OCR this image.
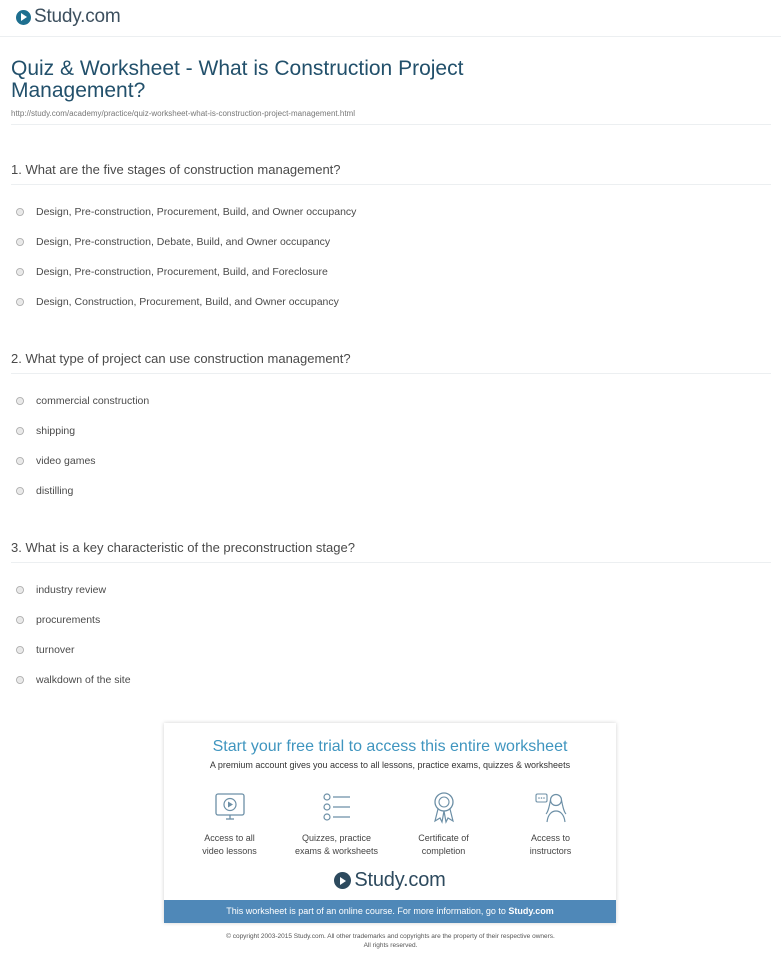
Study.com
Quiz & Worksheet - What is Construction Project Management?
http://study.com/academy/practice/quiz-worksheet-what-is-construction-project-management.html
1. What are the five stages of construction management?
Design, Pre-construction, Procurement, Build, and Owner occupancy
Design, Pre-construction, Debate, Build, and Owner occupancy
Design, Pre-construction, Procurement, Build, and Foreclosure
Design, Construction, Procurement, Build, and Owner occupancy
2. What type of project can use construction management?
commercial construction
shipping
video games
distilling
3. What is a key characteristic of the preconstruction stage?
industry review
procurements
turnover
walkdown of the site
Start your free trial to access this entire worksheet
A premium account gives you access to all lessons, practice exams, quizzes & worksheets
Access to all
video lessons
Quizzes, practice
exams & worksheets
Certificate of
completion
Access to
instructors
Study.com
This worksheet is part of an online course. For more information, go to Study.com
© copyright 2003-2015 Study.com. All other trademarks and copyrights are the property of their respective owners.
All rights reserved.
